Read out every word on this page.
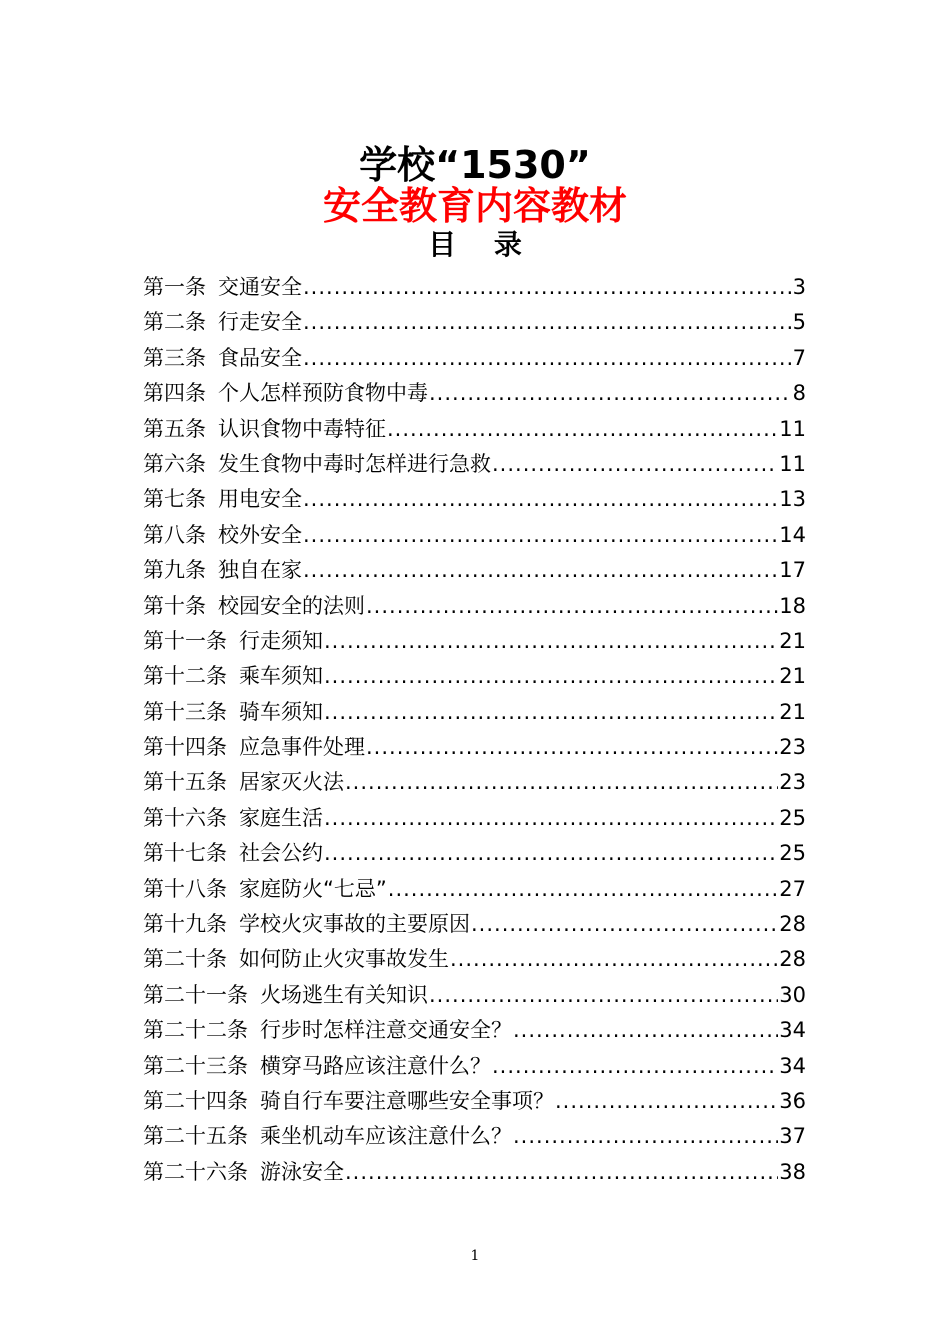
学校“1530”
安全教育内容教材
目 录
第一条 交通安全 .....	3
第二条 行走安全 .....	5
第三条 食品安全 .....	7
第四条 个人怎样预防食物中毒 .....	8
第五条 认识食物中毒特征 .....	11
第六条 发生食物中毒时怎样进行急救 .....	11
第七条 用电安全 .....	13
第八条 校外安全 .....	14
第九条 独自在家 .....	17
第十条 校园安全的法则 .....	18
第十一条 行走须知 .....	21
第十二条 乘车须知 .....	21
第十三条 骑车须知 .....	21
第十四条 应急事件处理 .....	23
第十五条 居家灭火法 .....	23
第十六条 家庭生活 .....	25
第十七条 社会公约 .....	25
第十八条 家庭防火“七忌” .....	27
第十九条 学校火灾事故的主要原因 .....	28
第二十条 如何防止火灾事故发生 .....	28
第二十一条 火场逃生有关知识 .....	30
第二十二条 行步时怎样注意交通安全？ .....	34
第二十三条 横穿马路应该注意什么？ .....	34
第二十四条 骑自行车要注意哪些安全事项？ .....	36
第二十五条 乘坐机动车应该注意什么？ .....	37
第二十六条 游泳安全 .....	38
1
